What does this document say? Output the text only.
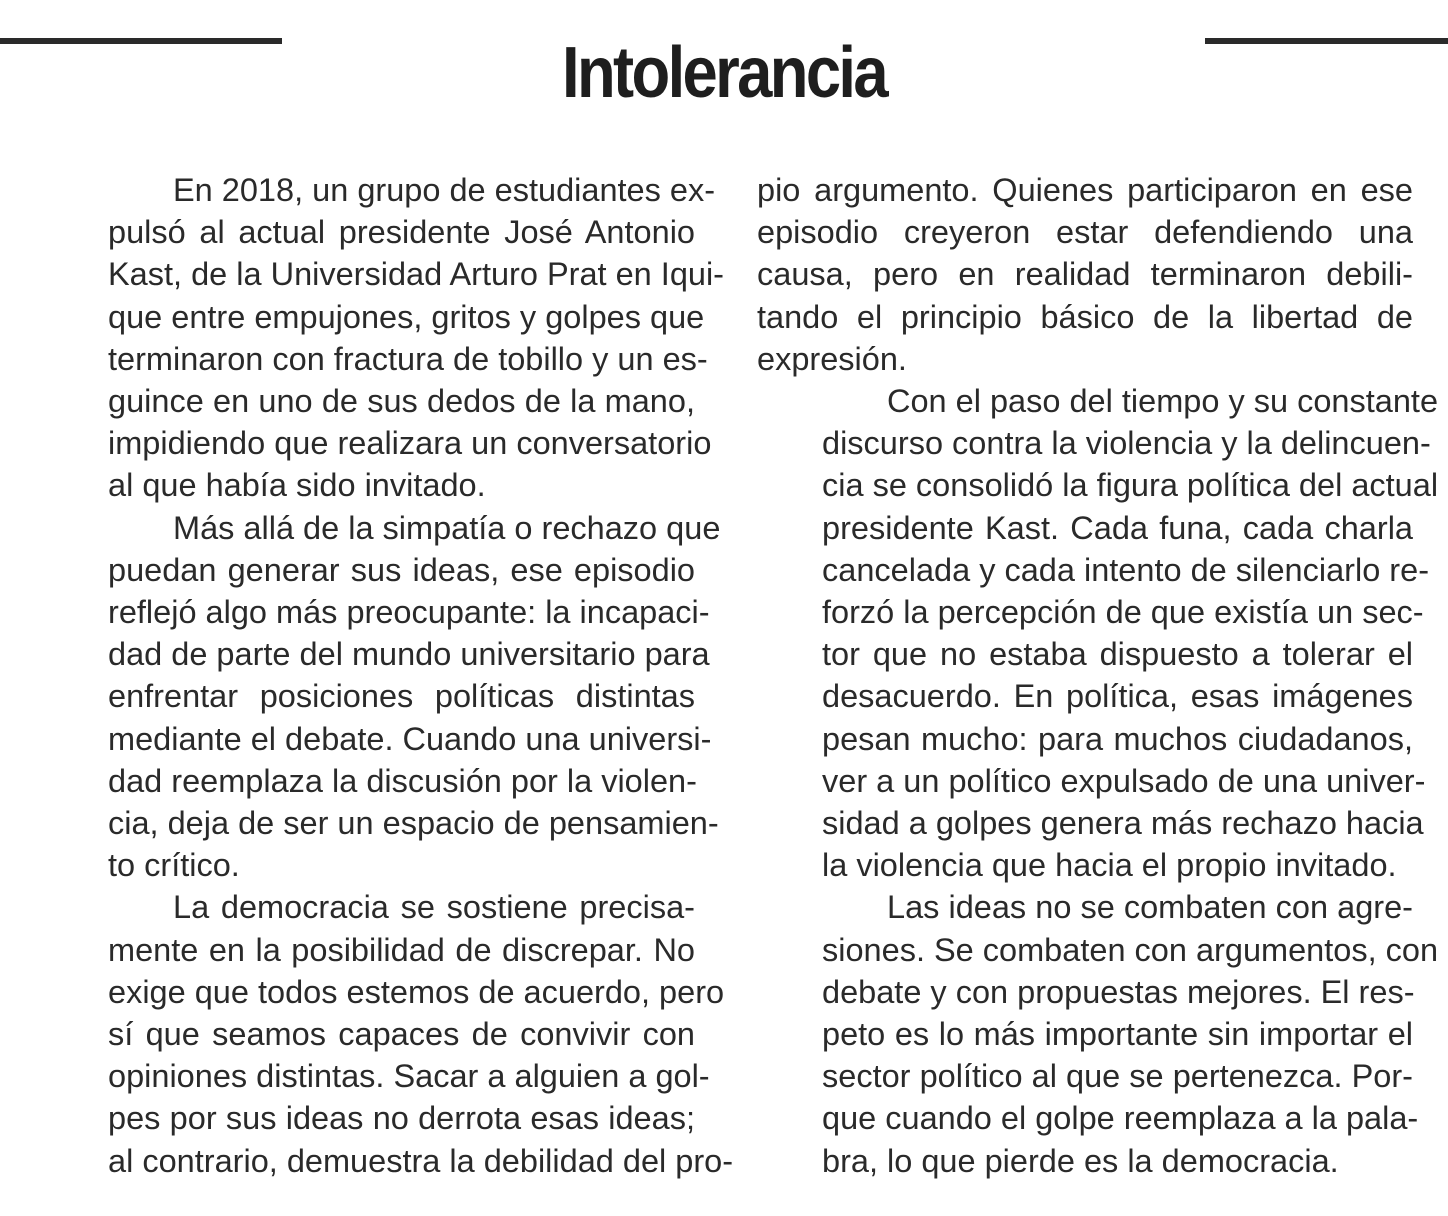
Intolerancia

En 2018, un grupo de estudiantes ex-
pulsó al actual presidente José Antonio
Kast, de la Universidad Arturo Prat en Iqui-
que entre empujones, gritos y golpes que
terminaron con fractura de tobillo y un es-
guince en uno de sus dedos de la mano,
impidiendo que realizara un conversatorio
al que había sido invitado.

Más allá de la simpatía o rechazo que
puedan generar sus ideas, ese episodio
reflejó algo más preocupante: la incapaci-
dad de parte del mundo universitario para
enfrentar posiciones políticas distintas
mediante el debate. Cuando una universi-
dad reemplaza la discusión por la violen-
cia, deja de ser un espacio de pensamien-
to crítico.

La democracia se sostiene precisa-
mente en la posibilidad de discrepar. No
exige que todos estemos de acuerdo, pero
sí que seamos capaces de convivir con
opiniones distintas. Sacar a alguien a gol-
pes por sus ideas no derrota esas ideas;
al contrario, demuestra la debilidad del pro-

pio argumento. Quienes participaron en ese
episodio creyeron estar defendiendo una
causa, pero en realidad terminaron debili-
tando el principio básico de la libertad de
expresión.

Con el paso del tiempo y su constante
discurso contra la violencia y la delincuen-
cia se consolidó la figura política del actual
presidente Kast. Cada funa, cada charla
cancelada y cada intento de silenciarlo re-
forzó la percepción de que existía un sec-
tor que no estaba dispuesto a tolerar el
desacuerdo. En política, esas imágenes
pesan mucho: para muchos ciudadanos,
ver a un político expulsado de una univer-
sidad a golpes genera más rechazo hacia
la violencia que hacia el propio invitado.

Las ideas no se combaten con agre-
siones. Se combaten con argumentos, con
debate y con propuestas mejores. El res-
peto es lo más importante sin importar el
sector político al que se pertenezca. Por-
que cuando el golpe reemplaza a la pala-
bra, lo que pierde es la democracia.
